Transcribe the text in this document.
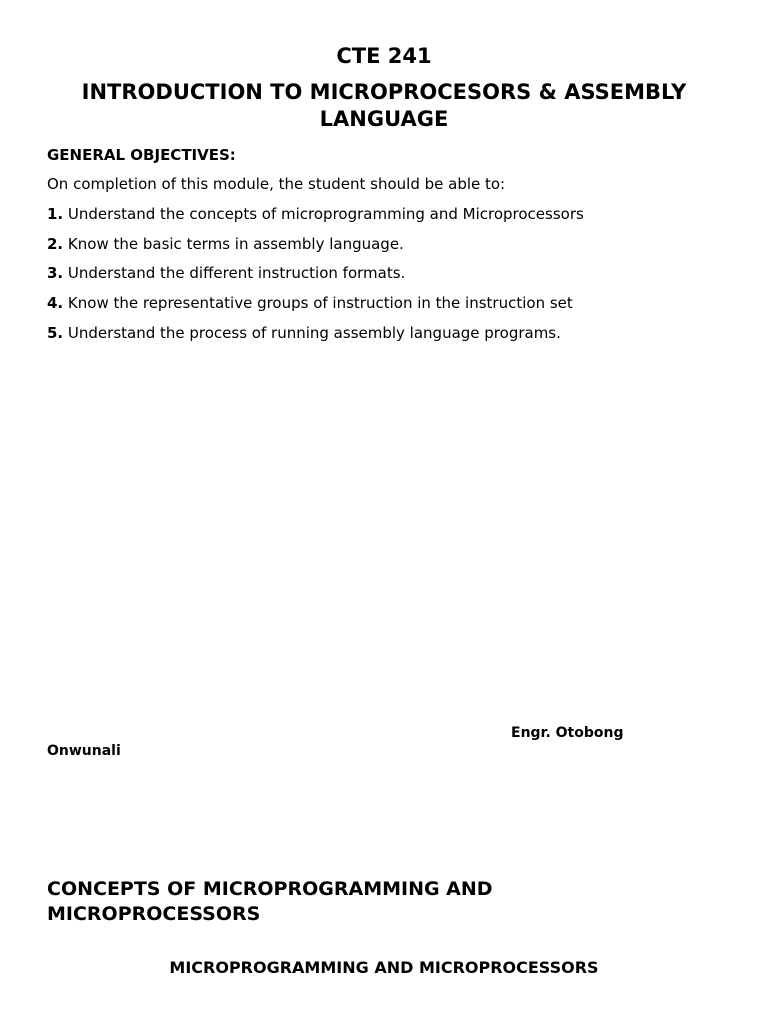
CTE 241
INTRODUCTION TO MICROPROCESORS & ASSEMBLY LANGUAGE
GENERAL OBJECTIVES:
On completion of this module, the student should be able to:
1. Understand the concepts of microprogramming and Microprocessors
2. Know the basic terms in assembly language.
3. Understand the different instruction formats.
4. Know the representative groups of instruction in the instruction set
5. Understand the process of running assembly language programs.
Engr. Otobong
Onwunali
CONCEPTS OF MICROPROGRAMMING AND MICROPROCESSORS
MICROPROGRAMMING AND MICROPROCESSORS
